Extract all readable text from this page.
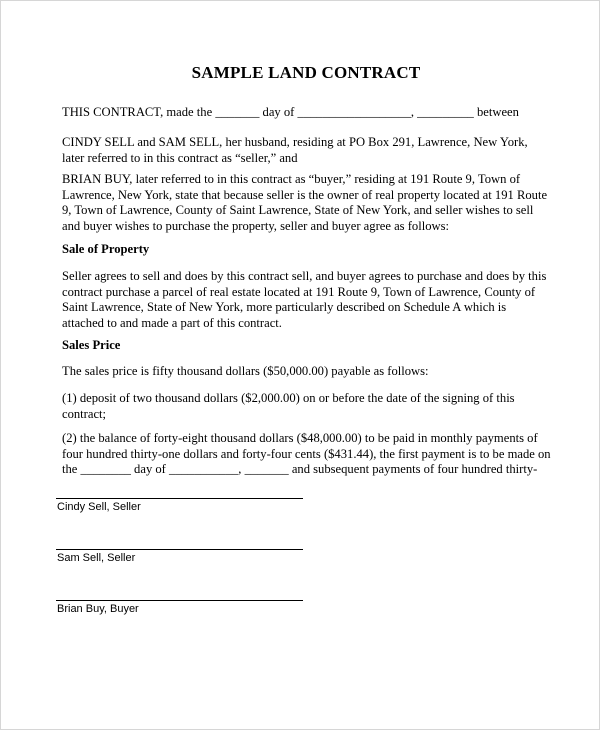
SAMPLE LAND CONTRACT

THIS CONTRACT, made the _______ day of __________________, _________ between

CINDY SELL and SAM SELL, her husband, residing at PO Box 291, Lawrence, New York,
later referred to in this contract as “seller,” and

BRIAN BUY, later referred to in this contract as “buyer,” residing at 191 Route 9, Town of
Lawrence, New York, state that because seller is the owner of real property located at 191 Route
9, Town of Lawrence, County of Saint Lawrence, State of New York, and seller wishes to sell
and buyer wishes to purchase the property, seller and buyer agree as follows:

Sale of Property

Seller agrees to sell and does by this contract sell, and buyer agrees to purchase and does by this
contract purchase a parcel of real estate located at 191 Route 9, Town of Lawrence, County of
Saint Lawrence, State of New York, more particularly described on Schedule A which is
attached to and made a part of this contract.

Sales Price

The sales price is fifty thousand dollars ($50,000.00) payable as follows:

(1) deposit of two thousand dollars ($2,000.00) on or before the date of the signing of this
contract;

(2) the balance of forty-eight thousand dollars ($48,000.00) to be paid in monthly payments of
four hundred thirty-one dollars and forty-four cents ($431.44), the first payment is to be made on
the ________ day of ___________, _______ and subsequent payments of four hundred thirty-

Cindy Sell, Seller
Sam Sell, Seller
Brian Buy, Buyer
